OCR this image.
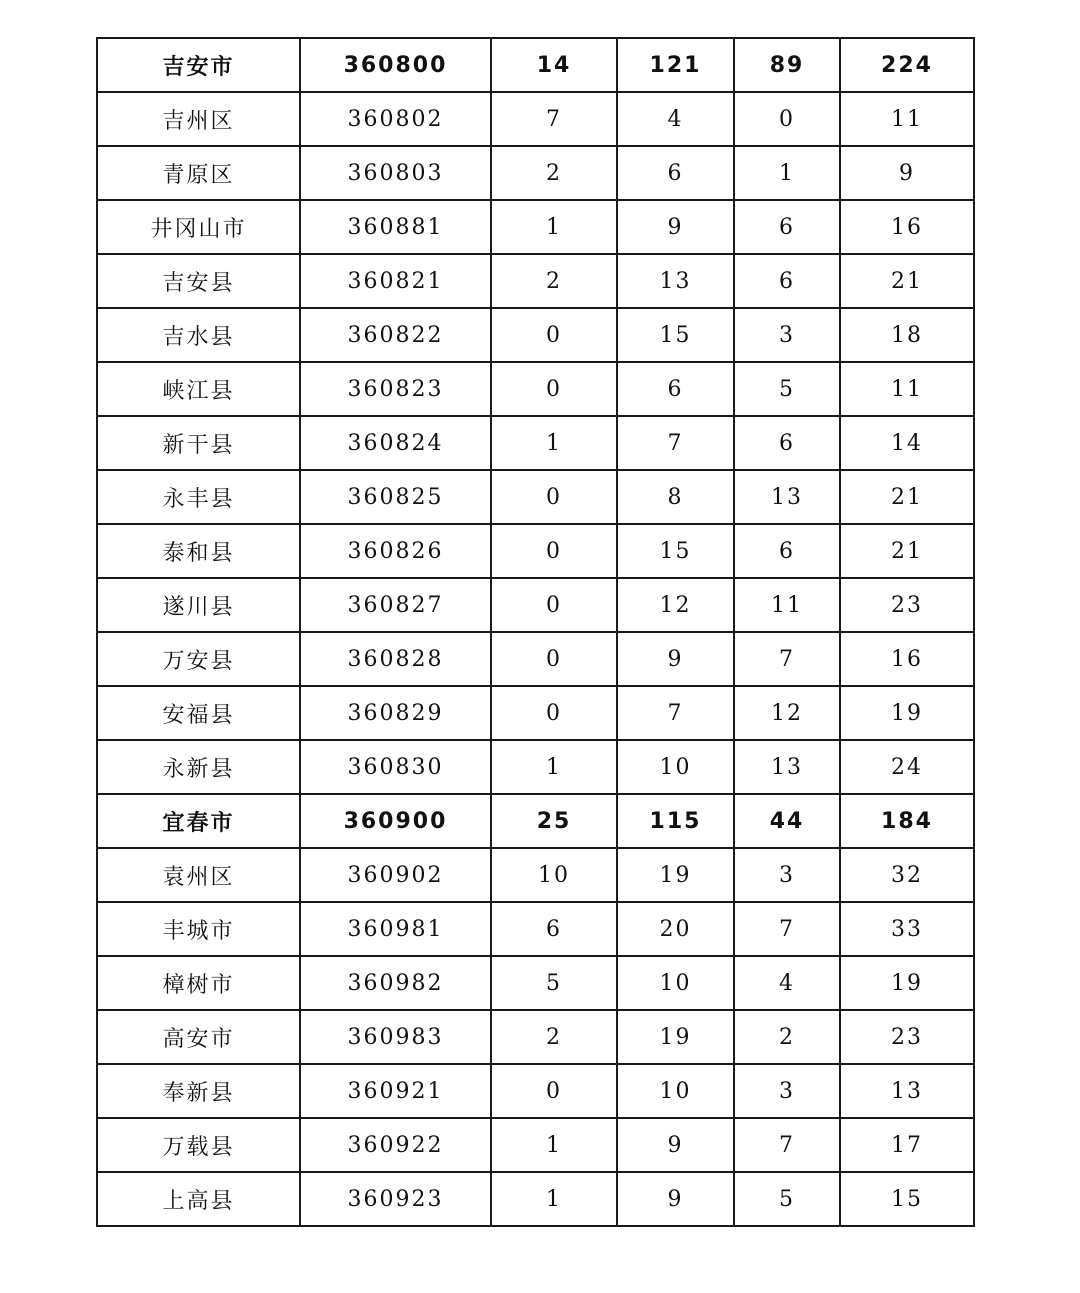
吉安市	360800	14	121	89	224
吉州区	360802	7	4	0	11
青原区	360803	2	6	1	9
井冈山市	360881	1	9	6	16
吉安县	360821	2	13	6	21
吉水县	360822	0	15	3	18
峡江县	360823	0	6	5	11
新干县	360824	1	7	6	14
永丰县	360825	0	8	13	21
泰和县	360826	0	15	6	21
遂川县	360827	0	12	11	23
万安县	360828	0	9	7	16
安福县	360829	0	7	12	19
永新县	360830	1	10	13	24
宜春市	360900	25	115	44	184
袁州区	360902	10	19	3	32
丰城市	360981	6	20	7	33
樟树市	360982	5	10	4	19
高安市	360983	2	19	2	23
奉新县	360921	0	10	3	13
万载县	360922	1	9	7	17
上高县	360923	1	9	5	15
